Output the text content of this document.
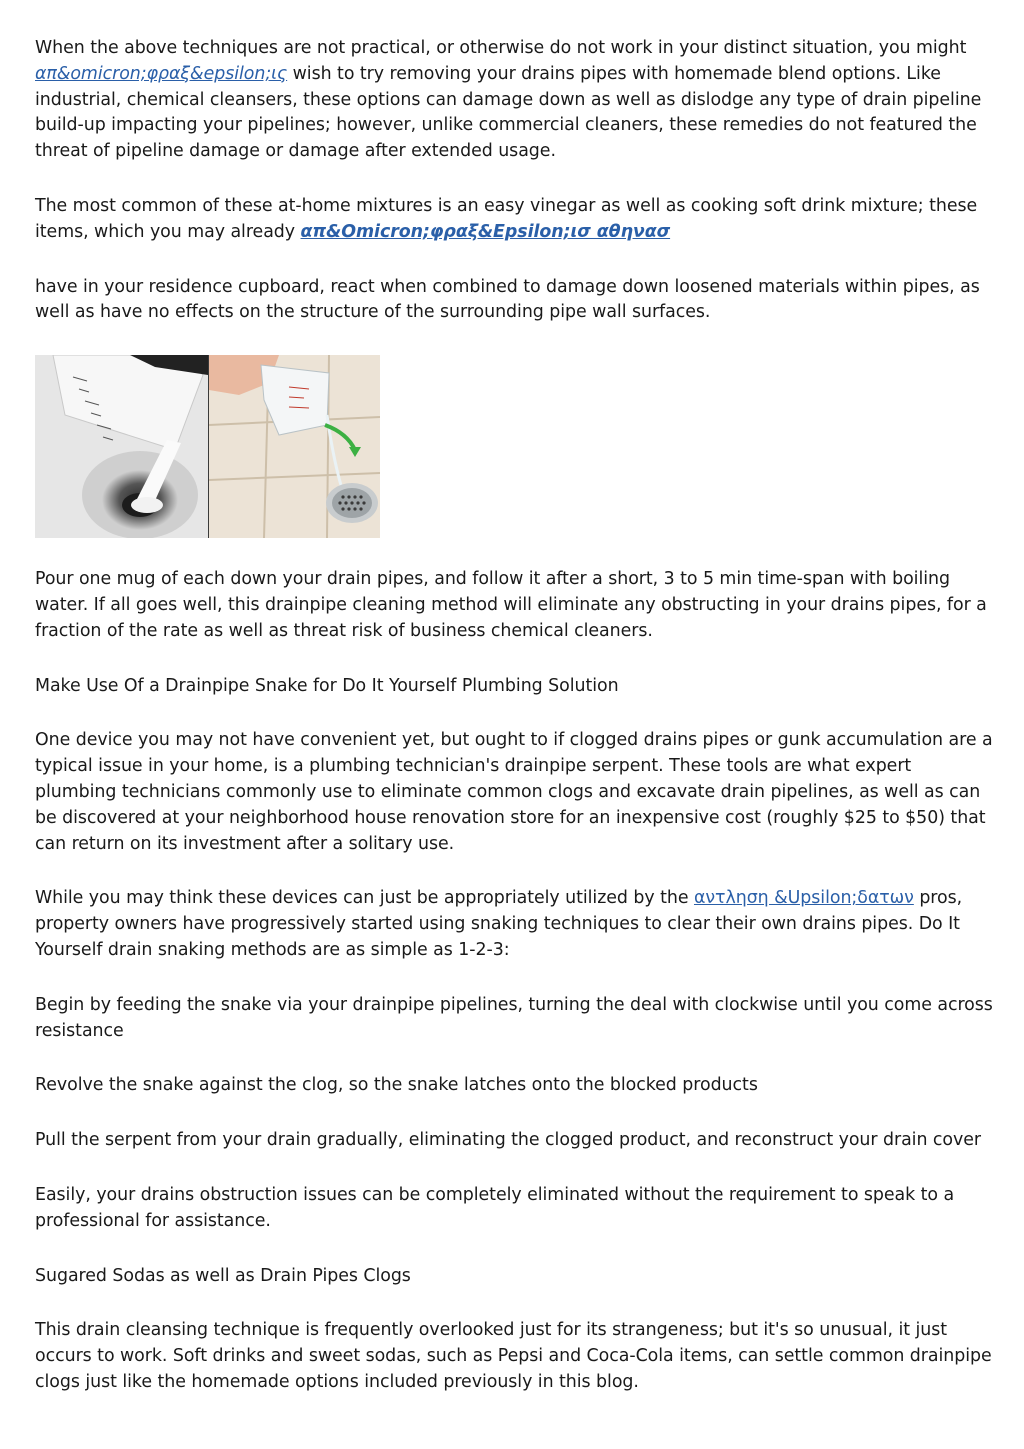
When the above techniques are not practical, or otherwise do not work in your distinct situation, you might απ&omicron;φραξ&epsilon;ις wish to try removing your drains pipes with homemade blend options. Like industrial, chemical cleansers, these options can damage down as well as dislodge any type of drain pipeline build-up impacting your pipelines; however, unlike commercial cleaners, these remedies do not featured the threat of pipeline damage or damage after extended usage.

The most common of these at-home mixtures is an easy vinegar as well as cooking soft drink mixture; these items, which you may already απ&Omicron;φραξ&Epsilon;ισ αθηνασ

have in your residence cupboard, react when combined to damage down loosened materials within pipes, as well as have no effects on the structure of the surrounding pipe wall surfaces.

Pour one mug of each down your drain pipes, and follow it after a short, 3 to 5 min time-span with boiling water. If all goes well, this drainpipe cleaning method will eliminate any obstructing in your drains pipes, for a fraction of the rate as well as threat risk of business chemical cleaners.

Make Use Of a Drainpipe Snake for Do It Yourself Plumbing Solution

One device you may not have convenient yet, but ought to if clogged drains pipes or gunk accumulation are a typical issue in your home, is a plumbing technician's drainpipe serpent. These tools are what expert plumbing technicians commonly use to eliminate common clogs and excavate drain pipelines, as well as can be discovered at your neighborhood house renovation store for an inexpensive cost (roughly $25 to $50) that can return on its investment after a solitary use.

While you may think these devices can just be appropriately utilized by the αντληση &Upsilon;δατων pros, property owners have progressively started using snaking techniques to clear their own drains pipes. Do It Yourself drain snaking methods are as simple as 1-2-3:

Begin by feeding the snake via your drainpipe pipelines, turning the deal with clockwise until you come across resistance

Revolve the snake against the clog, so the snake latches onto the blocked products

Pull the serpent from your drain gradually, eliminating the clogged product, and reconstruct your drain cover

Easily, your drains obstruction issues can be completely eliminated without the requirement to speak to a professional for assistance.

Sugared Sodas as well as Drain Pipes Clogs

This drain cleansing technique is frequently overlooked just for its strangeness; but it's so unusual, it just occurs to work. Soft drinks and sweet sodas, such as Pepsi and Coca-Cola items, can settle common drainpipe clogs just like the homemade options included previously in this blog.
